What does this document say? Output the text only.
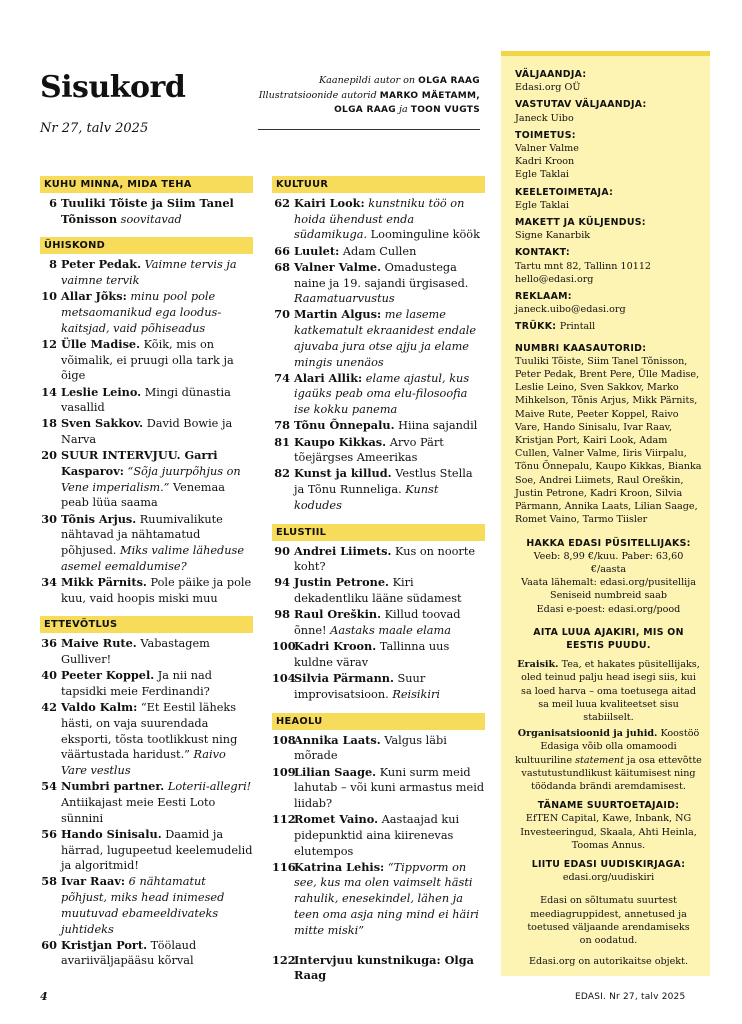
Sisukord
Nr 27, talv 2025
Kaanepildi autor on OLGA RAAG
Illustratsioonide autorid MARKO MÄETAMM,
OLGA RAAG ja TOON VUGTS
KUHU MINNA, MIDA TEHA
6 Tuuliki Tõiste ja Siim Tanel Tõnisson soovitavad
ÜHISKOND
8 Peter Pedak. Vaimne tervis ja vaimne tervik
10 Allar Jõks: minu pool pole metsaomanikud ega loodus-kaitsjad, vaid põhiseadus
12 Ülle Madise. Kõik, mis on võimalik, ei pruugi olla tark ja õige
14 Leslie Leino. Mingi dünastia vasallid
18 Sven Sakkov. David Bowie ja Narva
20 SUUR INTERVJUU. Garri Kasparov: “Sõja juurpõhjus on Vene imperialism.” Venemaa peab lüüa saama
30 Tõnis Arjus. Ruumivalikute nähtavad ja nähtamatud põhjused. Miks valime läheduse asemel eemaldumise?
34 Mikk Pärnits. Pole päike ja pole kuu, vaid hoopis miski muu
ETTEVÕTLUS
36 Maive Rute. Vabastagem Gulliver!
40 Peeter Koppel. Ja nii nad tapsidki meie Ferdinandi?
42 Valdo Kalm: “Et Eestil läheks hästi, on vaja suurendada eksporti, tõsta tootlikkust ning väärtustada haridust.” Raivo Vare vestlus
54 Numbri partner. Loterii-allegri! Antiikajast meie Eesti Loto sünnini
56 Hando Sinisalu. Daamid ja härrad, lugupeetud keelemudelid ja algoritmid!
58 Ivar Raav: 6 nähtamatut põhjust, miks head inimesed muutuvad ebameeldivateks juhtideks
60 Kristjan Port. Töölaud avariiväljapääsu kõrval
KULTUUR
62 Kairi Look: kunstniku töö on hoida ühendust enda südamikuga. Loominguline köök
66 Luulet: Adam Cullen
68 Valner Valme. Omadustega naine ja 19. sajandi ürgisased. Raamatuarvustus
70 Martin Algus: me laseme katkematult ekraanidest endale ajuvaba jura otse ajju ja elame mingis unenäos
74 Alari Allik: elame ajastul, kus igaüks peab oma elu-filosoofia ise kokku panema
78 Tõnu Õnnepalu. Hiina sajandil
81 Kaupo Kikkas. Arvo Pärt tõejärgses Ameerikas
82 Kunst ja killud. Vestlus Stella ja Tõnu Runneliga. Kunst kodudes
ELUSTIIL
90 Andrei Liimets. Kus on noorte koht?
94 Justin Petrone. Kiri dekadentliku lääne südamest
98 Raul Oreškin. Killud toovad õnne! Aastaks maale elama
100
Kadri Kroon. Tallinna uus kuldne värav
104
Silvia Pärmann. Suur improvisatsioon. Reisikiri
HEAOLU
108
Annika Laats. Valgus läbi mõrade
109
Lilian Saage. Kuni surm meid lahutab – või kuni armastus meid liidab?
112
Romet Vaino. Aastaajad kui pidepunktid aina kiirenevas elutempos
116
Katrina Lehis: “Tippvorm on see, kus ma olen vaimselt hästi rahulik, enesekindel, lähen ja teen oma asja ning mind ei häiri mitte miski”
122
Intervjuu kunstnikuga: Olga Raag
VÄLJAANDJA:
Edasi.org OÜ
VASTUTAV VÄLJAANDJA:
Janeck Uibo
TOIMETUS:
Valner Valme
Kadri Kroon
Egle Taklai
KEELETOIMETAJA:
Egle Taklai
MAKETT JA KÜLJENDUS:
Signe Kanarbik
KONTAKT:
Tartu mnt 82, Tallinn 10112
hello@edasi.org
REKLAAM:
janeck.uibo@edasi.org
TRÜKK: Printall
NUMBRI KAASAUTORID:
Tuuliki Tõiste, Siim Tanel Tõnisson, Peter Pedak, Brent Pere, Ülle Madise, Leslie Leino, Sven Sakkov, Marko Mihkelson, Tõnis Arjus, Mikk Pärnits, Maive Rute, Peeter Koppel, Raivo Vare, Hando Sinisalu, Ivar Raav, Kristjan Port, Kairi Look, Adam Cullen, Valner Valme, Iiris Viirpalu, Tõnu Õnnepalu, Kaupo Kikkas, Bianka Soe, Andrei Liimets, Raul Oreškin, Justin Petrone, Kadri Kroon, Silvia Pärmann, Annika Laats, Lilian Saage, Romet Vaino, Tarmo Tiisler
HAKKA EDASI PÜSITELLIJAKS:
Veeb: 8,99 €/kuu. Paber: 63,60 €/aasta
Vaata lähemalt: edasi.org/pusitellija
Seniseid numbreid saab
Edasi e-poest: edasi.org/pood
AITA LUUA AJAKIRI, MIS ON EESTIS PUUDU.
Eraisik. Tea, et hakates püsitellijaks, oled teinud palju head isegi siis, kui sa loed harva – oma toetusega aitad sa meil luua kvaliteetset sisu stabiilselt.
Organisatsioonid ja juhid. Koostöö Edasiga võib olla omamoodi kultuuriline statement ja osa ettevõtte vastutustundlikust käitumisest ning töödanda brändi aremdamisest.
TÄNAME SUURTOETAJAID:
EfTEN Capital, Kawe, Inbank, NG Investeeringud, Skaala, Ahti Heinla, Toomas Annus.
LIITU EDASI UUDISKIRJAGA:
edasi.org/uudiskiri
Edasi on sõltumatu suurtest meediagruppidest, annetused ja toetused väljaande arendamiseks on oodatud.
Edasi.org on autorikaitse objekt.
4	EDASI. Nr 27, talv 2025
